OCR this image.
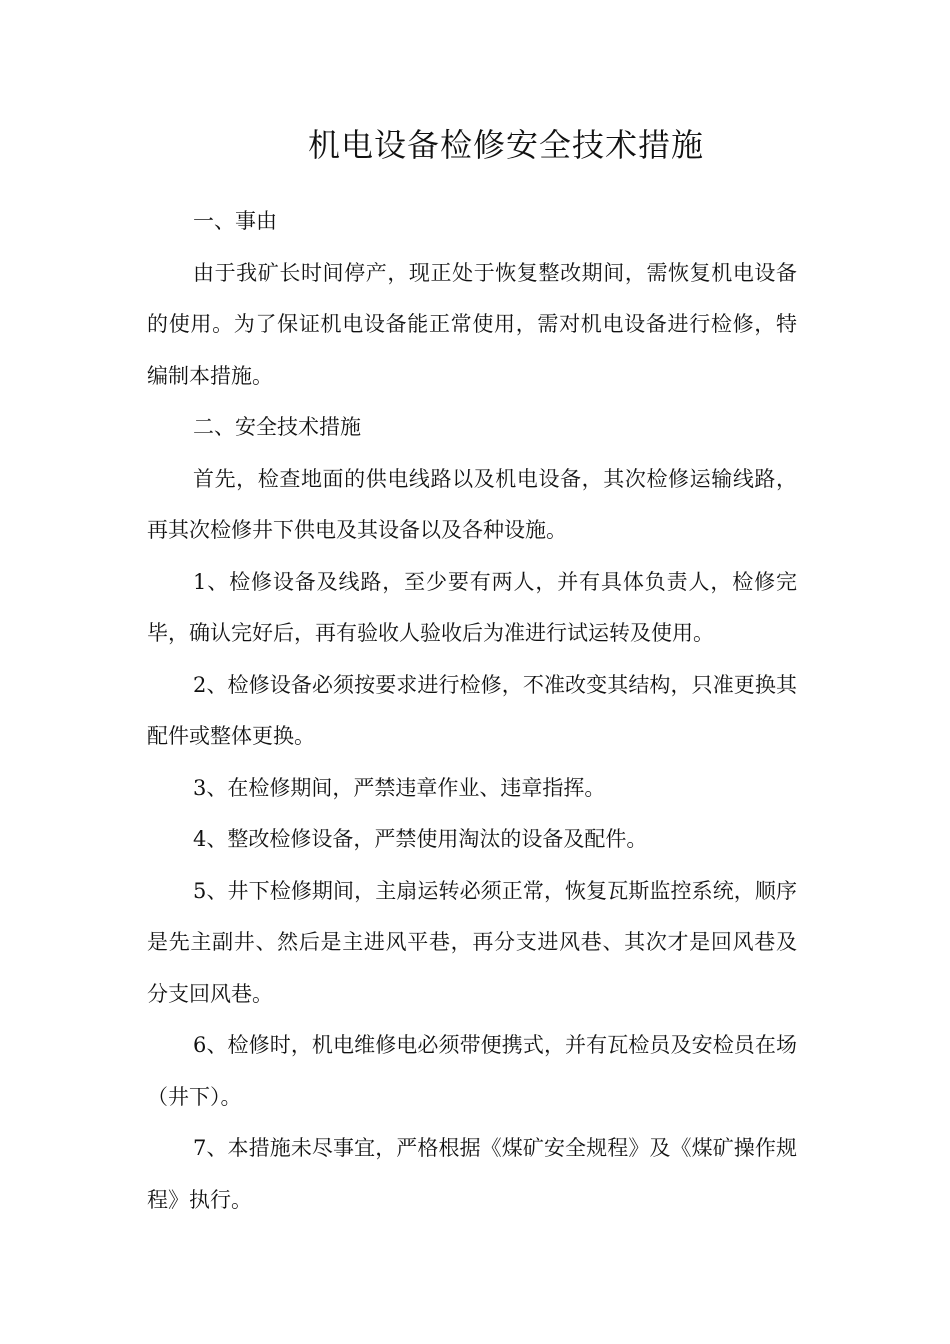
机电设备检修安全技术措施

一、事由

由于我矿长时间停产，现正处于恢复整改期间，需恢复机电设备的使用。为了保证机电设备能正常使用，需对机电设备进行检修，特编制本措施。

二、安全技术措施

首先，检查地面的供电线路以及机电设备，其次检修运输线路，再其次检修井下供电及其设备以及各种设施。

1、检修设备及线路，至少要有两人，并有具体负责人，检修完毕，确认完好后，再有验收人验收后为准进行试运转及使用。

2、检修设备必须按要求进行检修，不准改变其结构，只准更换其配件或整体更换。

3、在检修期间，严禁违章作业、违章指挥。

4、整改检修设备，严禁使用淘汰的设备及配件。

5、井下检修期间，主扇运转必须正常，恢复瓦斯监控系统，顺序是先主副井、然后是主进风平巷，再分支进风巷、其次才是回风巷及分支回风巷。

6、检修时，机电维修电必须带便携式，并有瓦检员及安检员在场（井下）。

7、本措施未尽事宜，严格根据《煤矿安全规程》及《煤矿操作规程》执行。
